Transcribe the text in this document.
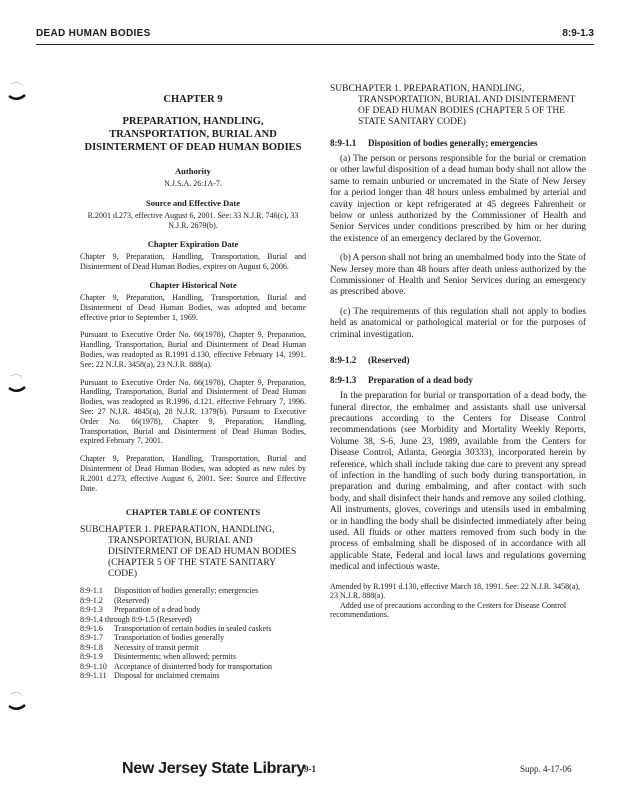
DEAD HUMAN BODIES	8:9-1.3
CHAPTER 9
PREPARATION, HANDLING, TRANSPORTATION, BURIAL AND DISINTERMENT OF DEAD HUMAN BODIES
Authority
N.J.S.A. 26:1A-7.
Source and Effective Date
R.2001 d.273, effective August 6, 2001. See: 33 N.J.R. 746(c), 33 N.J.R. 2679(b).
Chapter Expiration Date
Chapter 9, Preparation, Handling, Transportation, Burial and Disinterment of Dead Human Bodies, expires on August 6, 2006.
Chapter Historical Note
Chapter 9, Preparation, Handling, Transportation, Burial and Disinterment of Dead Human Bodies, was adopted and became effective prior to September 1, 1969.
Pursuant to Executive Order No. 66(1978), Chapter 9, Preparation, Handling, Transportation, Burial and Disinterment of Dead Human Bodies, was readopted as R.1991 d.130, effective February 14, 1991. See: 22 N.J.R. 3458(a), 23 N.J.R. 888(a).
Pursuant to Executive Order No. 66(1978), Chapter 9, Preparation, Handling, Transportation, Burial and Disinterment of Dead Human Bodies, was readopted as R.1996, d.121, effective February 7, 1996. See: 27 N.J.R. 4845(a), 28 N.J.R. 1379(b). Pursuant to Executive Order No. 66(1978), Chapter 9, Preparation, Handling, Transportation, Burial and Disinterment of Dead Human Bodies, expired February 7, 2001.
Chapter 9, Preparation, Handling, Transportation, Burial and Disinterment of Dead Human Bodies, was adopted as new rules by R.2001 d.273, effective August 6, 2001. See: Source and Effective Date.
CHAPTER TABLE OF CONTENTS
SUBCHAPTER 1. PREPARATION, HANDLING, TRANSPORTATION, BURIAL AND DISINTERMENT OF DEAD HUMAN BODIES (CHAPTER 5 OF THE STATE SANITARY CODE)
8:9-1.1 Disposition of bodies generally; emergencies
8:9-1.2 (Reserved)
8:9-1.3 Preparation of a dead body
8:9-1.4 through 8:9-1.5 (Reserved)
8:9-1.6 Transportation of certain bodies in sealed caskets
8:9-1.7 Transportation of bodies generally
8:9-1.8 Necessity of transit permit
8:9-1.9 Disinterments; when allowed; permits
8:9-1.10 Acceptance of disinterred body for transportation
8:9-1.11 Disposal for unclaimed cremains
SUBCHAPTER 1. PREPARATION, HANDLING, TRANSPORTATION, BURIAL AND DISINTERMENT OF DEAD HUMAN BODIES (CHAPTER 5 OF THE STATE SANITARY CODE)
8:9-1.1 Disposition of bodies generally; emergencies
(a) The person or persons responsible for the burial or cremation or other lawful disposition of a dead human body shall not allow the same to remain unburied or uncremated in the State of New Jersey for a period longer than 48 hours unless embalmed by arterial and cavity injection or kept refrigerated at 45 degrees Fahrenheit or below or unless authorized by the Commissioner of Health and Senior Services under conditions prescribed by him or her during the existence of an emergency declared by the Governor.
(b) A person shall not bring an unembalmed body into the State of New Jersey more than 48 hours after death unless authorized by the Commissioner of Health and Senior Services during an emergency as prescribed above.
(c) The requirements of this regulation shall not apply to bodies held as anatomical or pathological material or for the purposes of criminal investigation.
8:9-1.2 (Reserved)
8:9-1.3 Preparation of a dead body
In the preparation for burial or transportation of a dead body, the funeral director, the embalmer and assistants shall use universal precautions according to the Centers for Disease Control recommendations (see Morbidity and Mortality Weekly Reports, Volume 38, S-6, June 23, 1989, available from the Centers for Disease Control, Atlanta, Georgia 30333), incorporated herein by reference, which shall include taking due care to prevent any spread of infection in the handling of such body during transportation, in preparation and during embalming, and after contact with such body, and shall disinfect their hands and remove any soiled clothing. All instruments, gloves, coverings and utensils used in embalming or in handling the body shall be disinfected immediately after being used. All fluids or other matters removed from such body in the process of embalming shall be disposed of in accordance with all applicable State, Federal and local laws and regulations governing medical and infectious waste.
Amended by R.1991 d.130, effective March 18, 1991. See: 22 N.J.R. 3458(a), 23 N.J.R. 888(a).
Added use of precautions according to the Centers for Disease Control recommendations.
New Jersey State Library
9-1	Supp. 4-17-06
